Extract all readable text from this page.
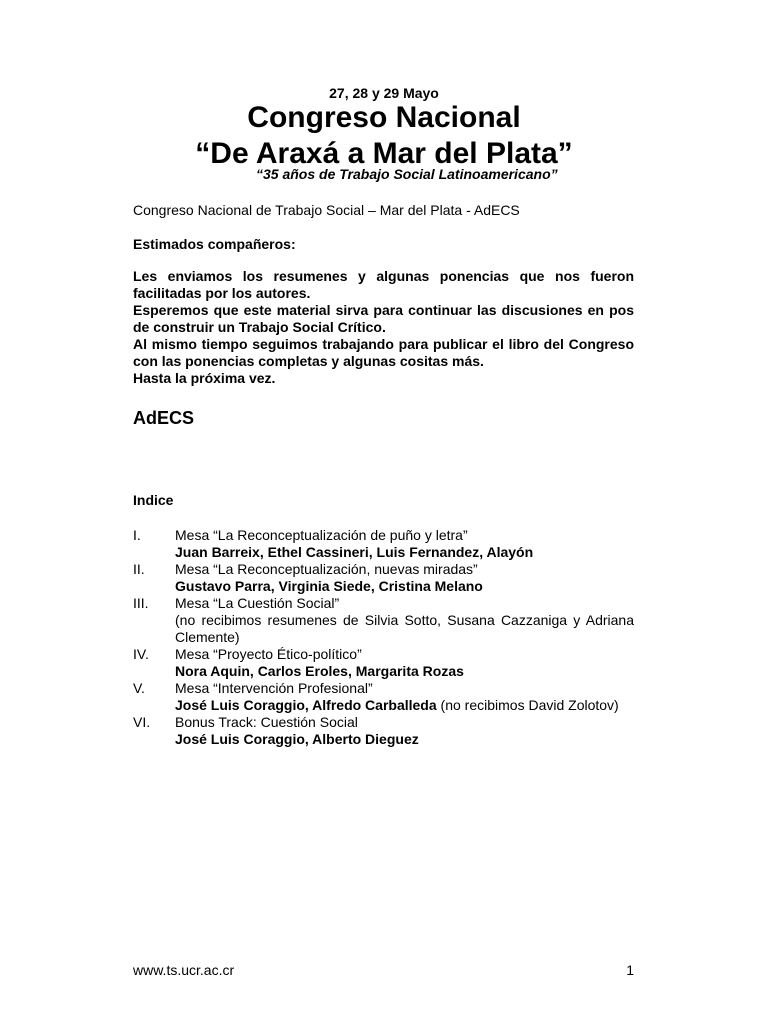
27, 28 y 29 Mayo
Congreso Nacional
“De Araxá a Mar del Plata”
“35 años de Trabajo Social Latinoamericano”
Congreso Nacional de Trabajo Social – Mar del Plata - AdECS
Estimados compañeros:

Les enviamos los resumenes y algunas ponencias que nos fueron facilitadas por los autores.

Esperemos que este material sirva para continuar las discusiones en pos de construir un Trabajo Social Crítico.

Al mismo tiempo seguimos trabajando para publicar el libro del Congreso con las ponencias completas y algunas cositas más.

Hasta la próxima vez.

AdECS
Indice
I.	Mesa “La Reconceptualización de puño y letra”
Juan Barreix, Ethel Cassineri, Luis Fernandez, Alayón
II.	Mesa “La Reconceptualización, nuevas miradas”
Gustavo Parra, Virginia Siede, Cristina Melano
III.	Mesa “La Cuestión Social”
(no recibimos resumenes de Silvia Sotto, Susana Cazzaniga y Adriana Clemente)
IV.	Mesa “Proyecto Ético-político”
Nora Aquin, Carlos Eroles, Margarita Rozas
V.	Mesa “Intervención Profesional”
José Luis Coraggio, Alfredo Carballeda (no recibimos David Zolotov)
VI.	Bonus Track: Cuestión Social
José Luis Coraggio, Alberto Dieguez
www.ts.ucr.ac.cr	1
